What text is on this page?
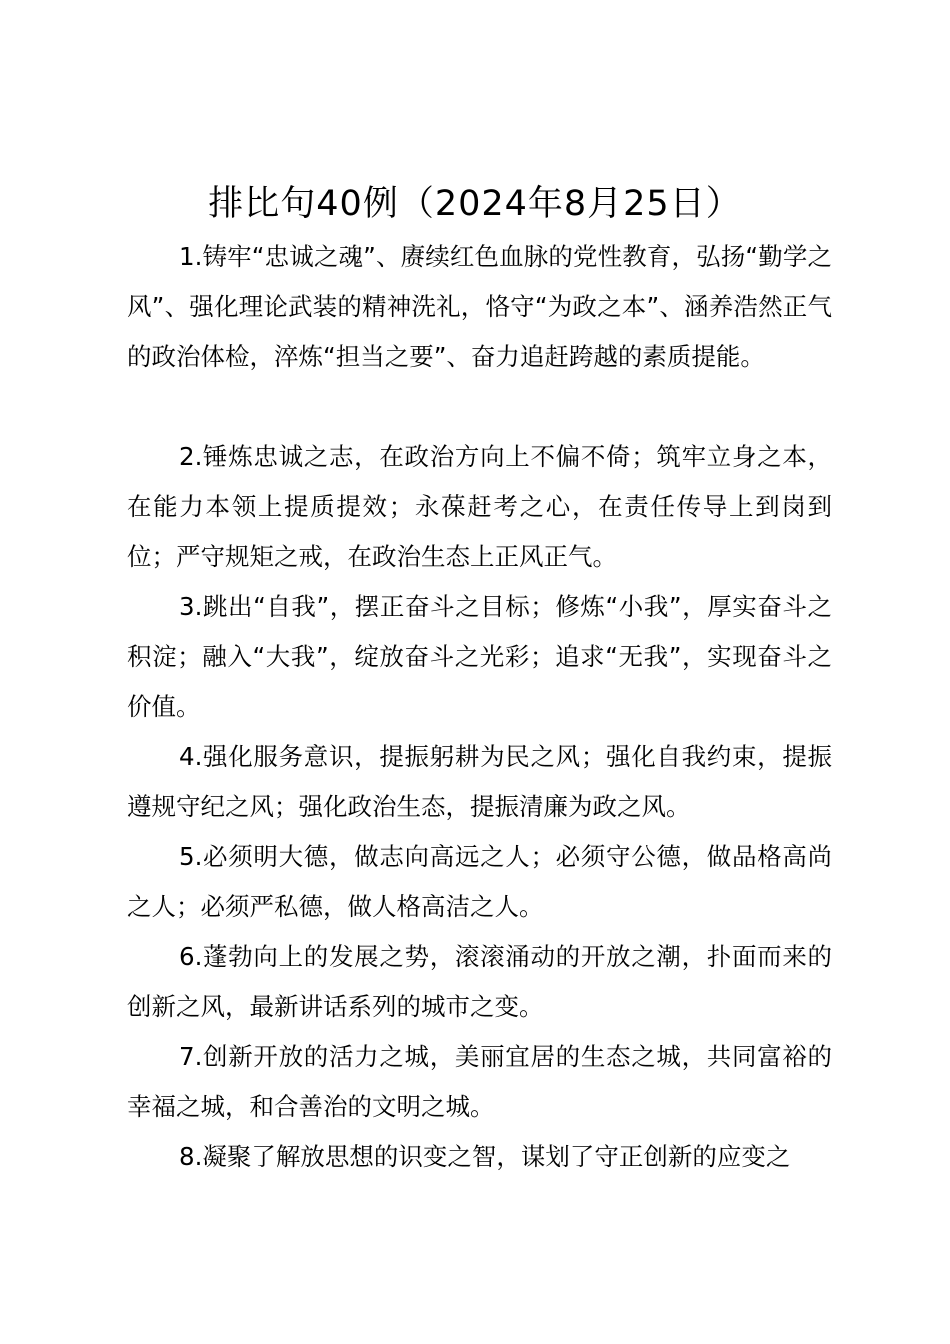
排比句40例（2024年8月25日）
1.铸牢“忠诚之魂”、赓续红色血脉的党性教育，弘扬“勤学之风”、强化理论武装的精神洗礼，恪守“为政之本”、涵养浩然正气的政治体检，淬炼“担当之要”、奋力追赶跨越的素质提能。
2.锤炼忠诚之志，在政治方向上不偏不倚；筑牢立身之本，在能力本领上提质提效；永葆赶考之心，在责任传导上到岗到位；严守规矩之戒，在政治生态上正风正气。
3.跳出“自我”，摆正奋斗之目标；修炼“小我”，厚实奋斗之积淀；融入“大我”，绽放奋斗之光彩；追求“无我”，实现奋斗之价值。
4.强化服务意识，提振躬耕为民之风；强化自我约束，提振遵规守纪之风；强化政治生态，提振清廉为政之风。
5.必须明大德，做志向高远之人；必须守公德，做品格高尚之人；必须严私德，做人格高洁之人。
6.蓬勃向上的发展之势，滚滚涌动的开放之潮，扑面而来的创新之风，最新讲话系列的城市之变。
7.创新开放的活力之城，美丽宜居的生态之城，共同富裕的幸福之城，和合善治的文明之城。
8.凝聚了解放思想的识变之智，谋划了守正创新的应变之
